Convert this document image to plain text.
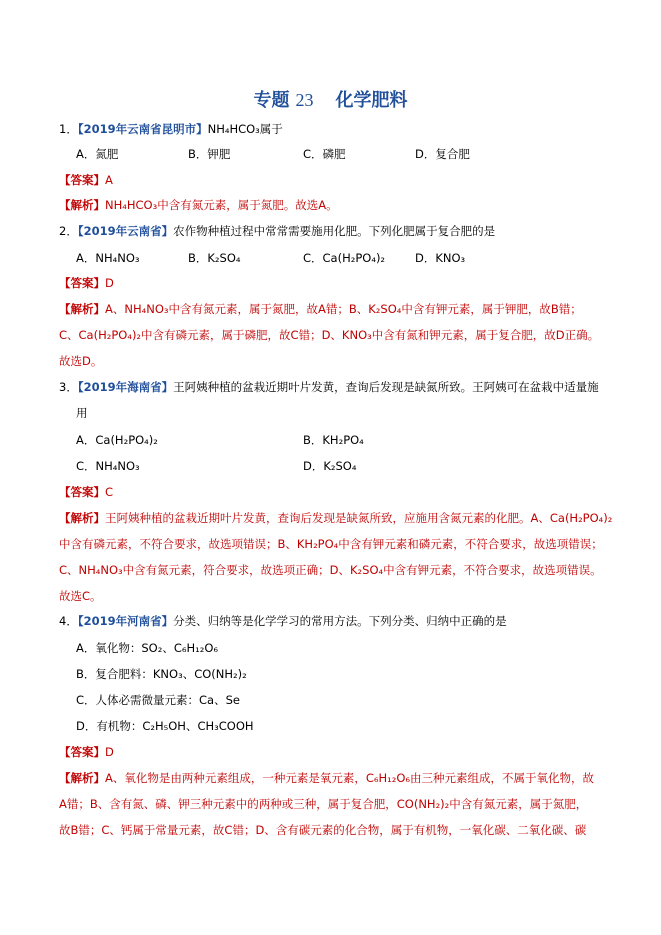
专题 23 化学肥料
1．【2019年云南省昆明市】NH₄HCO₃属于
A．氮肥	B．钾肥	C．磷肥	D．复合肥
【答案】A
【解析】NH₄HCO₃中含有氮元素，属于氮肥。故选A。
2．【2019年云南省】农作物种植过程中常常需要施用化肥。下列化肥属于复合肥的是
A．NH₄NO₃	B．K₂SO₄	C．Ca(H₂PO₄)₂	D．KNO₃
【答案】D
【解析】A、NH₄NO₃中含有氮元素，属于氮肥，故A错；B、K₂SO₄中含有钾元素，属于钾肥，故B错；
C、Ca(H₂PO₄)₂中含有磷元素，属于磷肥，故C错；D、KNO₃中含有氮和钾元素，属于复合肥，故D正确。
故选D。
3．【2019年海南省】王阿姨种植的盆栽近期叶片发黄，查询后发现是缺氮所致。王阿姨可在盆栽中适量施
用
A．Ca(H₂PO₄)₂	B．KH₂PO₄
C．NH₄NO₃	D．K₂SO₄
【答案】C
【解析】王阿姨种植的盆栽近期叶片发黄，查询后发现是缺氮所致，应施用含氮元素的化肥。A、Ca(H₂PO₄)₂
中含有磷元素，不符合要求，故选项错误；B、KH₂PO₄中含有钾元素和磷元素，不符合要求，故选项错误；
C、NH₄NO₃中含有氮元素，符合要求，故选项正确；D、K₂SO₄中含有钾元素，不符合要求，故选项错误。
故选C。
4．【2019年河南省】分类、归纳等是化学学习的常用方法。下列分类、归纳中正确的是
A．氧化物：SO₂、C₆H₁₂O₆
B．复合肥料：KNO₃、CO(NH₂)₂
C．人体必需微量元素：Ca、Se
D．有机物：C₂H₅OH、CH₃COOH
【答案】D
【解析】A、氧化物是由两种元素组成，一种元素是氧元素，C₆H₁₂O₆由三种元素组成，不属于氧化物，故
A错；B、含有氮、磷、钾三种元素中的两种或三种，属于复合肥，CO(NH₂)₂中含有氮元素，属于氮肥，
故B错；C、钙属于常量元素，故C错；D、含有碳元素的化合物，属于有机物，一氧化碳、二氧化碳、碳
